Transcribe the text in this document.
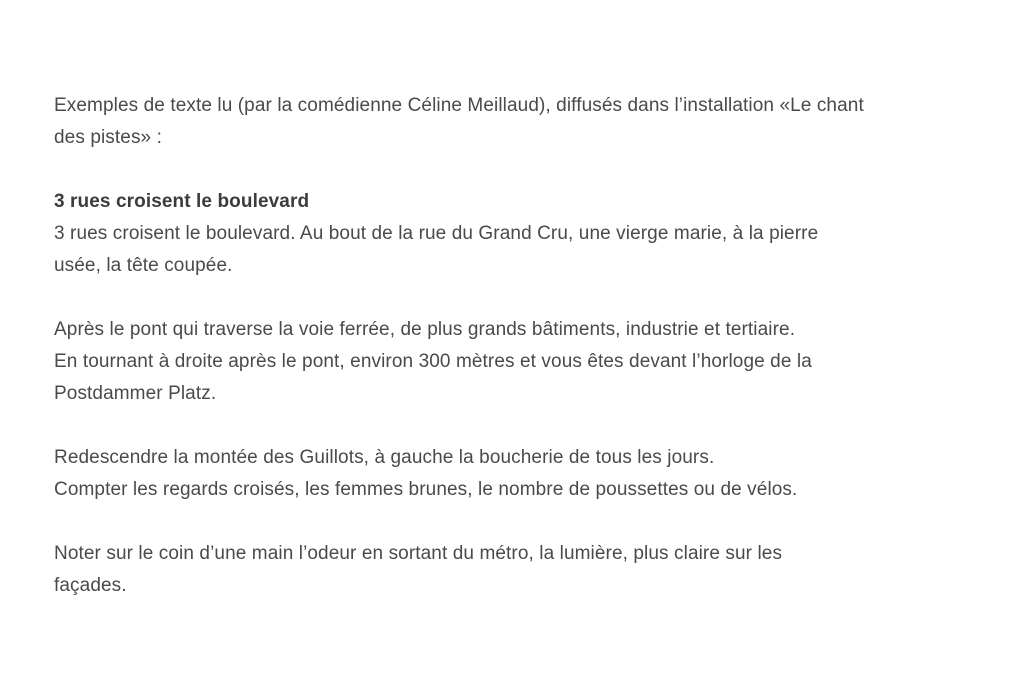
Exemples de texte lu (par la comédienne Céline Meillaud), diffusés dans l’installation «Le chant
des pistes» :

3 rues croisent le boulevard
3 rues croisent le boulevard. Au bout de la rue du Grand Cru, une vierge marie, à la pierre
usée, la tête coupée.

Après le pont qui traverse la voie ferrée, de plus grands bâtiments, industrie et tertiaire.
En tournant à droite après le pont, environ 300 mètres et vous êtes devant l’horloge de la
Postdammer Platz.

Redescendre la montée des Guillots, à gauche la boucherie de tous les jours.
Compter les regards croisés, les femmes brunes, le nombre de poussettes ou de vélos.

Noter sur le coin d’une main l’odeur en sortant du métro, la lumière, plus claire sur les
façades.
